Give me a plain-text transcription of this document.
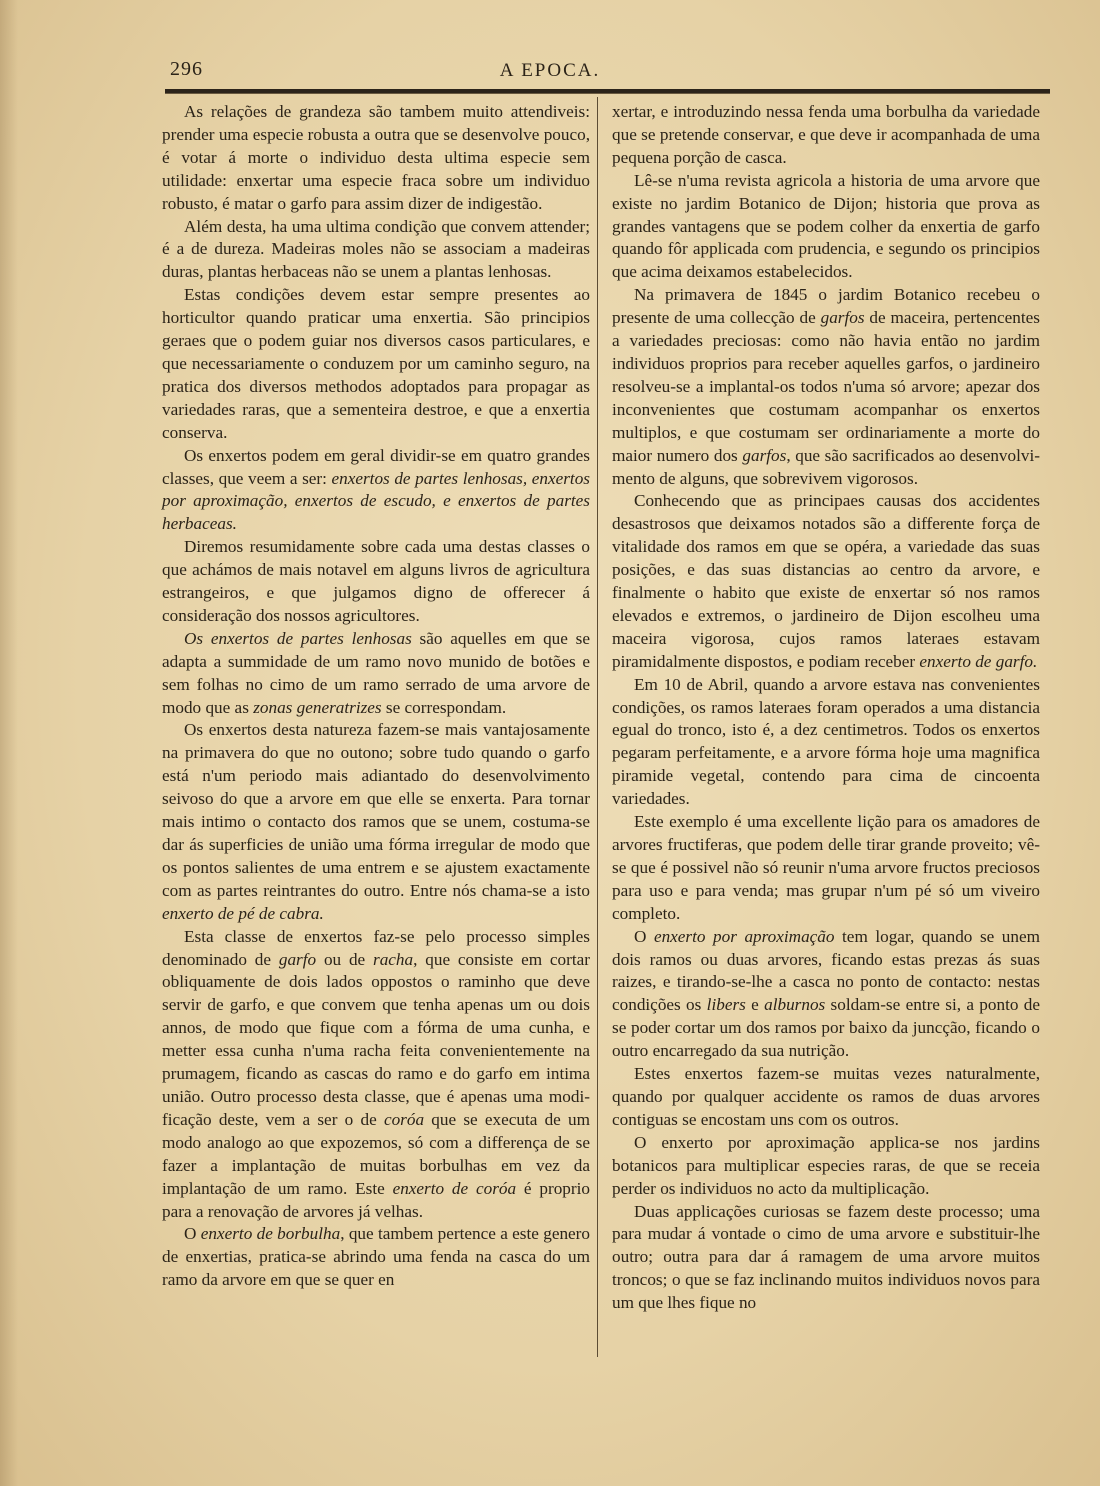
296	A EPOCA.

As relações de grandeza são tambem muito attendiveis: prender uma especie robusta a outra que se desenvolve pouco, é votar á morte o individuo desta ultima especie sem utilidade: enxertar uma especie fraca sobre um individuo robusto, é matar o garfo para assim dizer de indigestão.

Além desta, ha uma ultima condição que convem attender; é a de dureza. Madeiras moles não se associam a madeiras duras, plantas herbaceas não se unem a plantas lenhosas.

Estas condições devem estar sempre presentes ao horticultor quando praticar uma enxertia. São principios geraes que o podem guiar nos diversos casos particulares, e que necessariamente o conduzem por um caminho seguro, na pratica dos diversos methodos adoptados para propagar as variedades raras, que a sementeira destroe, e que a enxertia conserva.

Os enxertos podem em geral dividir-se em quatro grandes classes, que veem a ser: enxertos de partes lenhosas, enxertos por aproximação, enxertos de escudo, e enxertos de partes herbaceas.

Diremos resumidamente sobre cada uma destas classes o que achámos de mais notavel em alguns livros de agricultura estrangeiros, e que julgamos digno de offerecer á consideração dos nossos agricultores.

Os enxertos de partes lenhosas são aquelles em que se adapta a summidade de um ramo novo munido de botões e sem folhas no cimo de um ramo serrado de uma arvore de modo que as zonas generatrizes se correspondam.

Os enxertos desta natureza fazem-se mais vantajosamente na primavera do que no outono; sobre tudo quando o garfo está n'um periodo mais adiantado do desenvolvimento seivoso do que a arvore em que elle se enxerta. Para tornar mais intimo o contacto dos ramos que se unem, costuma-se dar ás superficies de união uma fórma irregular de modo que os pontos salientes de uma entrem e se ajustem exactamente com as partes reintrantes do outro. Entre nós chama-se a isto enxerto de pé de cabra.

Esta classe de enxertos faz-se pelo processo simples denominado de garfo ou de racha, que consiste em cortar obliquamente de dois lados oppostos o raminho que deve servir de garfo, e que convem que tenha apenas um ou dois annos, de modo que fique com a fórma de uma cunha, e metter essa cunha n'uma racha feita convenientemente na prumagem, ficando as cascas do ramo e do garfo em intima união. Outro processo desta classe, que é apenas uma modificação deste, vem a ser o de coróa que se executa de um modo analogo ao que expozemos, só com a differença de se fazer a implantação de muitas borbulhas em vez da implantação de um ramo. Este enxerto de coróa é proprio para a renovação de arvores já velhas.

O enxerto de borbulha, que tambem pertence a este genero de enxertias, pratica-se abrindo uma fenda na casca do um ramo da arvore em que se quer en

xertar, e introduzindo nessa fenda uma borbulha da variedade que se pretende conservar, e que deve ir acompanhada de uma pequena porção de casca.

Lê-se n'uma revista agricola a historia de uma arvore que existe no jardim Botanico de Dijon; historia que prova as grandes vantagens que se podem colher da enxertia de garfo quando fôr applicada com prudencia, e segundo os principios que acima deixamos estabelecidos.

Na primavera de 1845 o jardim Botanico recebeu o presente de uma collecção de garfos de maceira, pertencentes a variedades preciosas: como não havia então no jardim individuos proprios para receber aquelles garfos, o jardineiro resolveu-se a implantal-os todos n'uma só arvore; apezar dos inconvenientes que costumam acompanhar os enxertos multiplos, e que costumam ser ordinariamente a morte do maior numero dos garfos, que são sacrificados ao desenvolvimento de alguns, que sobrevivem vigorosos.

Conhecendo que as principaes causas dos accidentes desastrosos que deixamos notados são a differente força de vitalidade dos ramos em que se opéra, a variedade das suas posições, e das suas distancias ao centro da arvore, e finalmente o habito que existe de enxertar só nos ramos elevados e extremos, o jardineiro de Dijon escolheu uma maceira vigorosa, cujos ramos lateraes estavam piramidalmente dispostos, e podiam receber enxerto de garfo.

Em 10 de Abril, quando a arvore estava nas convenientes condições, os ramos lateraes foram operados a uma distancia egual do tronco, isto é, a dez centimetros. Todos os enxertos pegaram perfeitamente, e a arvore fórma hoje uma magnifica piramide vegetal, contendo para cima de cincoenta variedades.

Este exemplo é uma excellente lição para os amadores de arvores fructiferas, que podem delle tirar grande proveito; vê-se que é possivel não só reunir n'uma arvore fructos preciosos para uso e para venda; mas grupar n'um pé só um viveiro completo.

O enxerto por aproximação tem logar, quando se unem dois ramos ou duas arvores, ficando estas prezas ás suas raizes, e tirando-se-lhe a casca no ponto de contacto: nestas condições os libers e alburnos soldam-se entre si, a ponto de se poder cortar um dos ramos por baixo da juncção, ficando o outro encarregado da sua nutrição.

Estes enxertos fazem-se muitas vezes naturalmente, quando por qualquer accidente os ramos de duas arvores contiguas se encostam uns com os outros.

O enxerto por aproximação applica-se nos jardins botanicos para multiplicar especies raras, de que se receia perder os individuos no acto da multiplicação.

Duas applicações curiosas se fazem deste processo; uma para mudar á vontade o cimo de uma arvore e substituir-lhe outro; outra para dar á ramagem de uma arvore muitos troncos; o que se faz inclinando muitos individuos novos para um que lhes fique no
